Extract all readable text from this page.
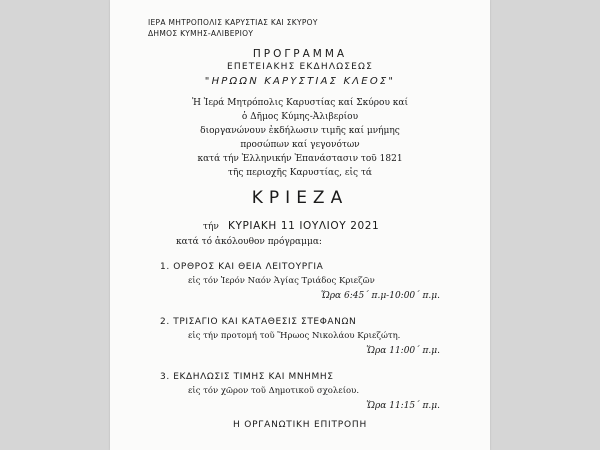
ΙΕΡΑ ΜΗΤΡΟΠΟΛΙΣ ΚΑΡΥΣΤΙΑΣ ΚΑΙ ΣΚΥΡΟΥ
ΔΗΜΟΣ ΚΥΜΗΣ-ΑΛΙΒΕΡΙΟΥ
ΠΡΟΓΡΑΜΜΑ
ΕΠΕΤΕΙΑΚΗΣ ΕΚΔΗΛΩΣΕΩΣ
"ΗΡΩΩΝ ΚΑΡΥΣΤΙΑΣ ΚΛΕΟΣ"
Ἡ Ἱερά Μητρόπολις Καρυστίας καί Σκύρου καί
ὁ Δῆμος Κύμης-Ἀλιβερίου
διοργανώνουν ἐκδήλωσιν τιμῆς καί μνήμης
προσώπων καί γεγονότων
κατά τήν Ἑλληνικήν Ἐπανάστασιν τοῦ 1821
τῆς περιοχῆς Καρυστίας, εἰς τά
ΚΡΙΕΖΑ
τήν ΚΥΡΙΑΚΗ 11 ΙΟΥΛΙΟΥ 2021
κατά τό ἀκόλουθον πρόγραμμα:
1. ΟΡΘΡΟΣ ΚΑΙ ΘΕΙΑ ΛΕΙΤΟΥΡΓΙΑ
εἰς τόν Ἱερόν Ναόν Ἁγίας Τριάδος Κριεζῶν
Ὥρα 6:45΄ π.μ-10:00΄ π.μ.
2. ΤΡΙΣΑΓΙΟ ΚΑΙ ΚΑΤΑΘΕΣΙΣ ΣΤΕΦΑΝΩΝ
εἰς τήν προτομή τοῦ Ἥρωος Νικολάου Κριεζώτη.
Ὥρα 11:00΄ π.μ.
3. ΕΚΔΗΛΩΣΙΣ ΤΙΜΗΣ ΚΑΙ ΜΝΗΜΗΣ
εἰς τόν χῶρον τοῦ Δημοτικοῦ σχολείου.
Ὥρα 11:15΄ π.μ.
Η ΟΡΓΑΝΩΤΙΚΗ ΕΠΙΤΡΟΠΗ
